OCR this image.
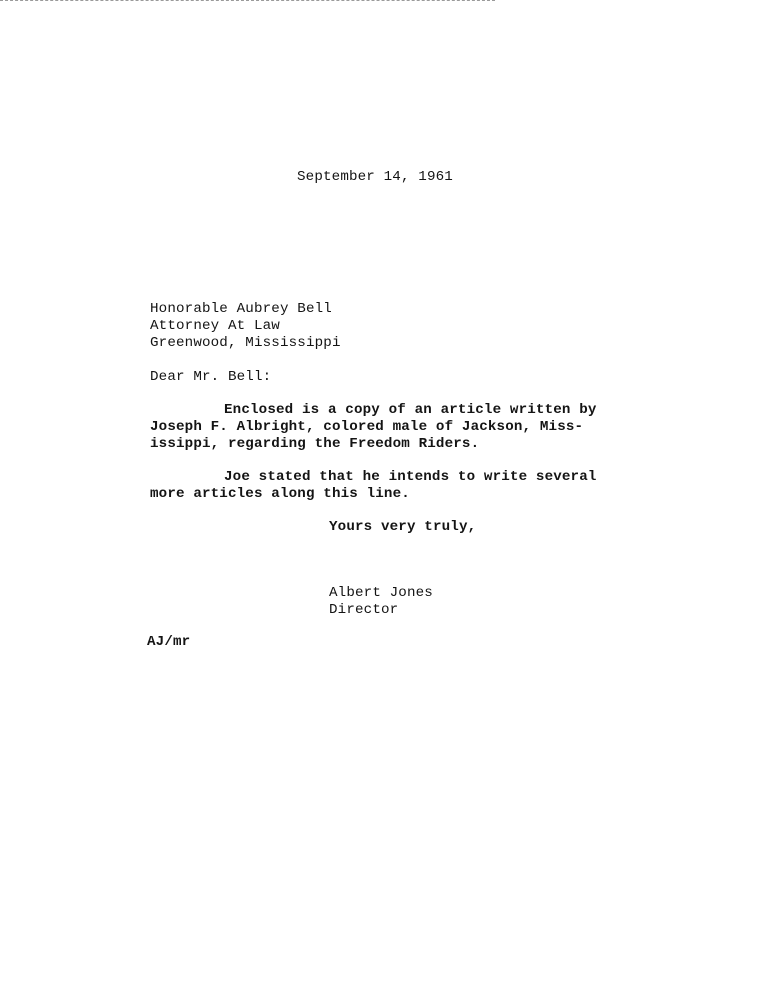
September 14, 1961
Honorable Aubrey Bell
Attorney At Law
Greenwood, Mississippi
Dear Mr. Bell:
Enclosed is a copy of an article written by
Joseph F. Albright, colored male of Jackson, Miss-
issippi, regarding the Freedom Riders.
Joe stated that he intends to write several
more articles along this line.
Yours very truly,
Albert Jones
Director
AJ/mr
